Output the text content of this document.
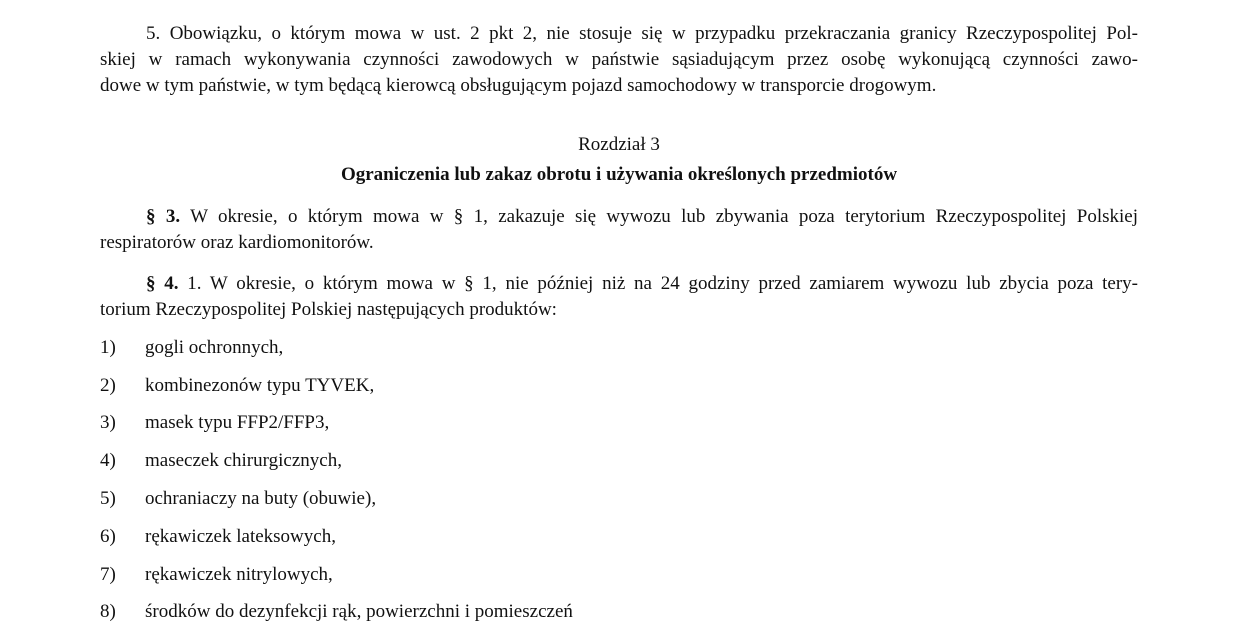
5. Obowiązku, o którym mowa w ust. 2 pkt 2, nie stosuje się w przypadku przekraczania granicy Rzeczypospolitej Pol-
skiej w ramach wykonywania czynności zawodowych w państwie sąsiadującym przez osobę wykonującą czynności zawo-
dowe w tym państwie, w tym będącą kierowcą obsługującym pojazd samochodowy w transporcie drogowym.
Rozdział 3
Ograniczenia lub zakaz obrotu i używania określonych przedmiotów
§ 3. W okresie, o którym mowa w § 1, zakazuje się wywozu lub zbywania poza terytorium Rzeczypospolitej Polskiej
respiratorów oraz kardiomonitorów.
§ 4. 1. W okresie, o którym mowa w § 1, nie później niż na 24 godziny przed zamiarem wywozu lub zbycia poza tery-
torium Rzeczypospolitej Polskiej następujących produktów:
1) gogli ochronnych,
2) kombinezonów typu TYVEK,
3) masek typu FFP2/FFP3,
4) maseczek chirurgicznych,
5) ochraniaczy na buty (obuwie),
6) rękawiczek lateksowych,
7) rękawiczek nitrylowych,
8) środków do dezynfekcji rąk, powierzchni i pomieszczeń
